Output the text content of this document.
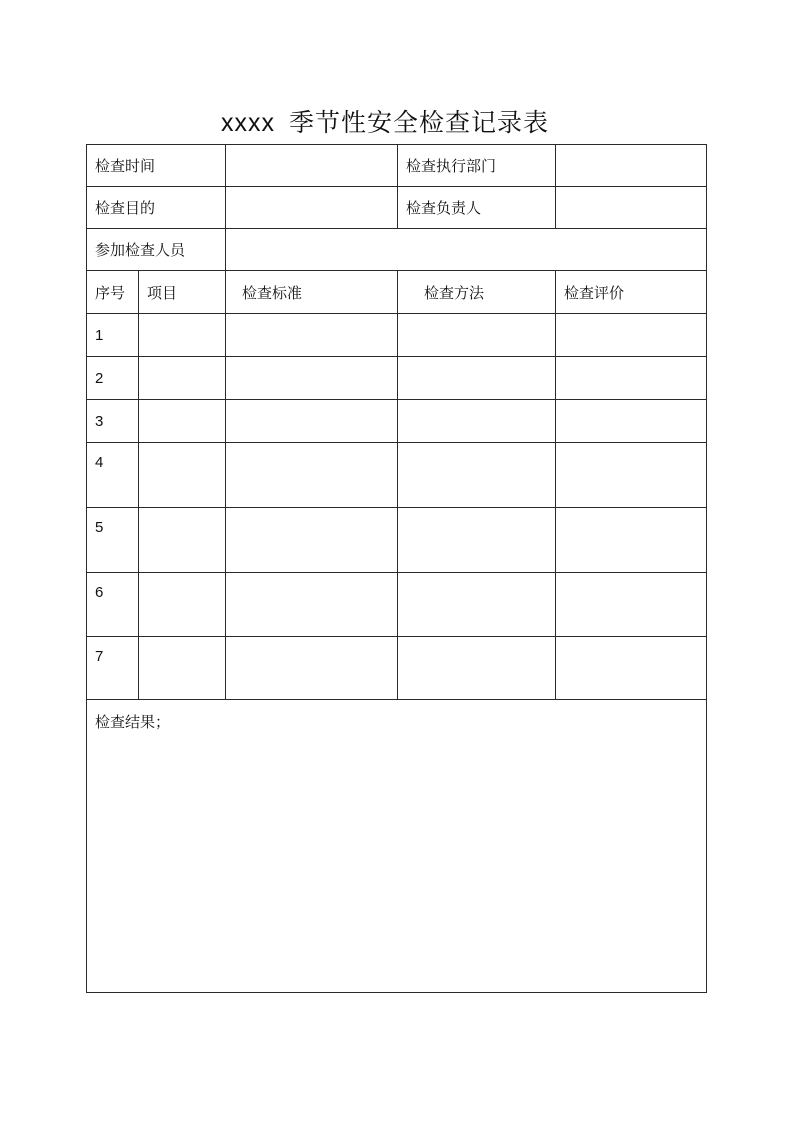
xxxx 季节性安全检查记录表
检查时间			检查执行部门	
检查目的			检查负责人	
参加检查人员				
序号	项目	检查标准	检查方法	检查评价
1				
2				
3				
4				
5				
6				
7				
检查结果；				
